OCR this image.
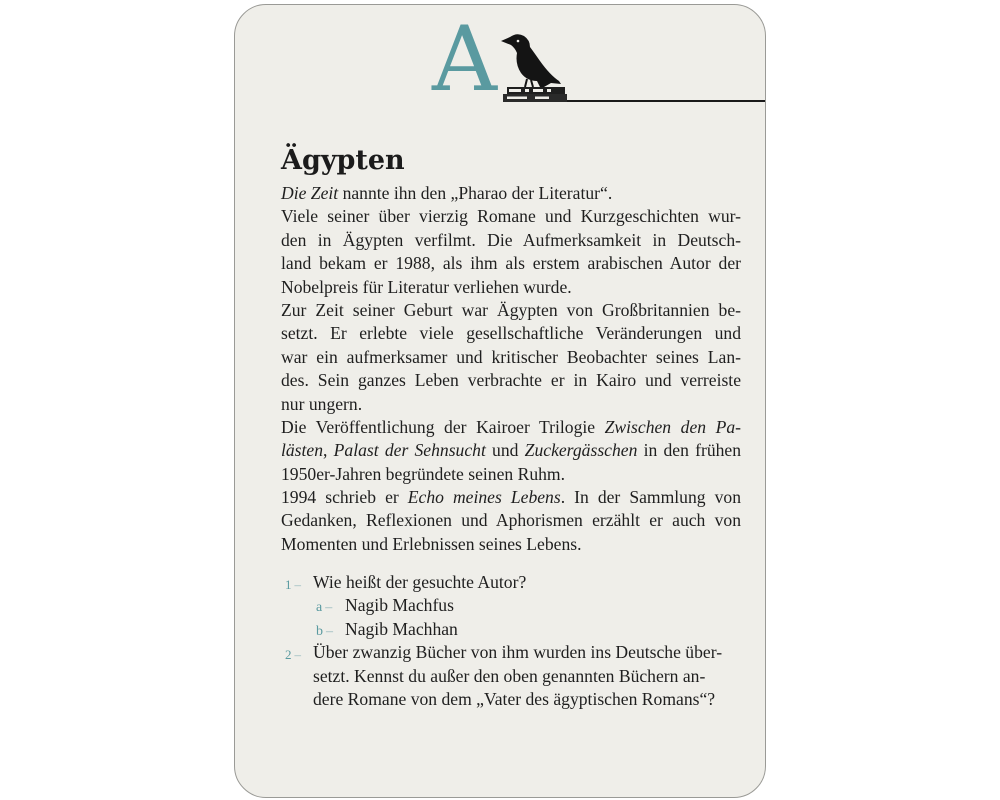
A
Ägypten
Die Zeit nannte ihn den „Pharao der Literatur“.
Viele seiner über vierzig Romane und Kurzgeschichten wur-
den in Ägypten verfilmt. Die Aufmerksamkeit in Deutsch-
land bekam er 1988, als ihm als erstem arabischen Autor der
Nobelpreis für Literatur verliehen wurde.
Zur Zeit seiner Geburt war Ägypten von Großbritannien be-
setzt. Er erlebte viele gesellschaftliche Veränderungen und
war ein aufmerksamer und kritischer Beobachter seines Lan-
des. Sein ganzes Leben verbrachte er in Kairo und verreiste
nur ungern.
Die Veröffentlichung der Kairoer Trilogie Zwischen den Pa-
lästen, Palast der Sehnsucht und Zuckergässchen in den frühen
1950er-Jahren begründete seinen Ruhm.
1994 schrieb er Echo meines Lebens. In der Sammlung von
Gedanken, Reflexionen und Aphorismen erzählt er auch von
Momenten und Erlebnissen seines Lebens.
1 – Wie heißt der gesuchte Autor?
a – Nagib Machfus
b – Nagib Machhan
2 – Über zwanzig Bücher von ihm wurden ins Deutsche über-
setzt. Kennst du außer den oben genannten Büchern an-
dere Romane von dem „Vater des ägyptischen Romans“?
